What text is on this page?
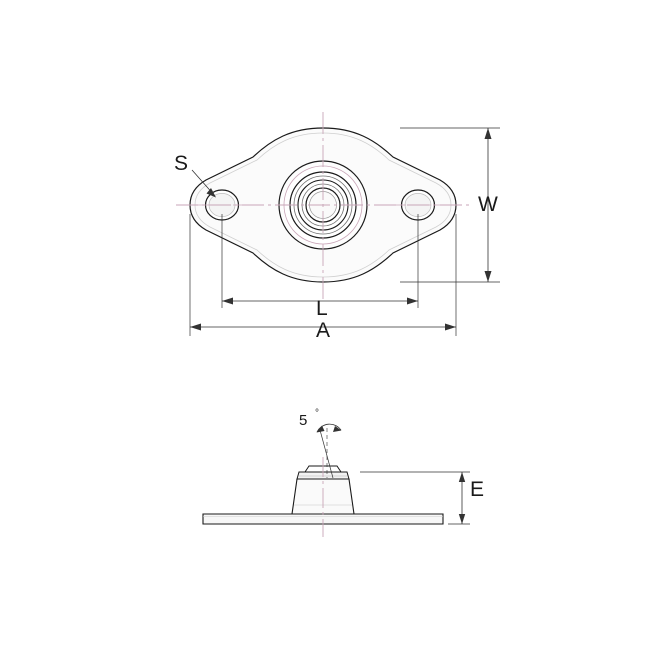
W
S
L
A
E
5 °
